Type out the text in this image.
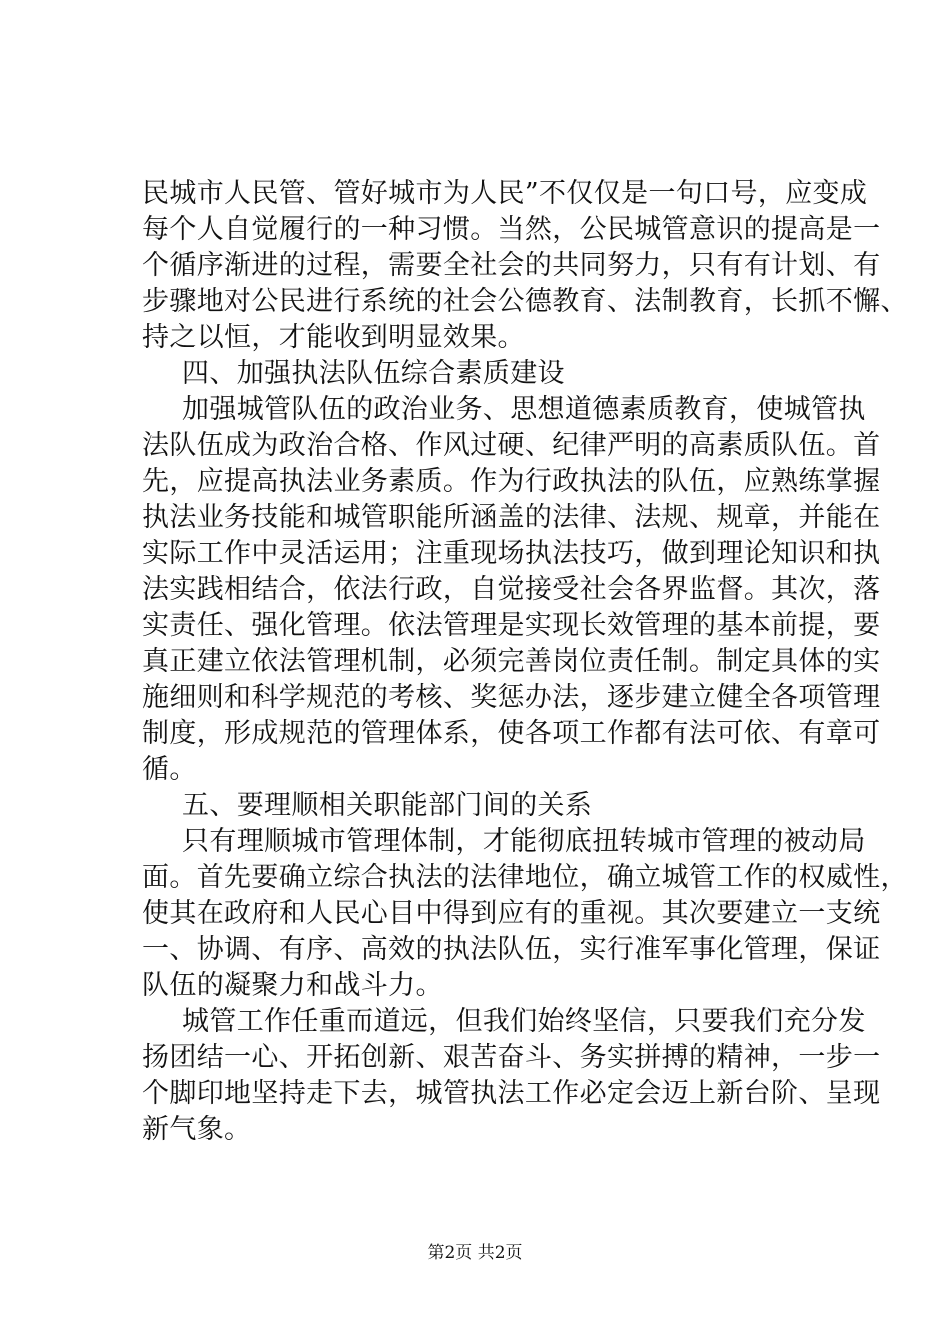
民城市人民管、管好城市为人民”不仅仅是一句口号，应变成
每个人自觉履行的一种习惯。当然，公民城管意识的提高是一
个循序渐进的过程，需要全社会的共同努力，只有有计划、有
步骤地对公民进行系统的社会公德教育、法制教育，长抓不懈、
持之以恒，才能收到明显效果。
四、加强执法队伍综合素质建设
加强城管队伍的政治业务、思想道德素质教育，使城管执
法队伍成为政治合格、作风过硬、纪律严明的高素质队伍。首
先，应提高执法业务素质。作为行政执法的队伍，应熟练掌握
执法业务技能和城管职能所涵盖的法律、法规、规章，并能在
实际工作中灵活运用；注重现场执法技巧，做到理论知识和执
法实践相结合，依法行政，自觉接受社会各界监督。其次，落
实责任、强化管理。依法管理是实现长效管理的基本前提，要
真正建立依法管理机制，必须完善岗位责任制。制定具体的实
施细则和科学规范的考核、奖惩办法，逐步建立健全各项管理
制度，形成规范的管理体系，使各项工作都有法可依、有章可
循。
五、要理顺相关职能部门间的关系
只有理顺城市管理体制，才能彻底扭转城市管理的被动局
面。首先要确立综合执法的法律地位，确立城管工作的权威性，
使其在政府和人民心目中得到应有的重视。其次要建立一支统
一、协调、有序、高效的执法队伍，实行准军事化管理，保证
队伍的凝聚力和战斗力。
城管工作任重而道远，但我们始终坚信，只要我们充分发
扬团结一心、开拓创新、艰苦奋斗、务实拼搏的精神，一步一
个脚印地坚持走下去，城管执法工作必定会迈上新台阶、呈现
新气象。
第2页 共2页
